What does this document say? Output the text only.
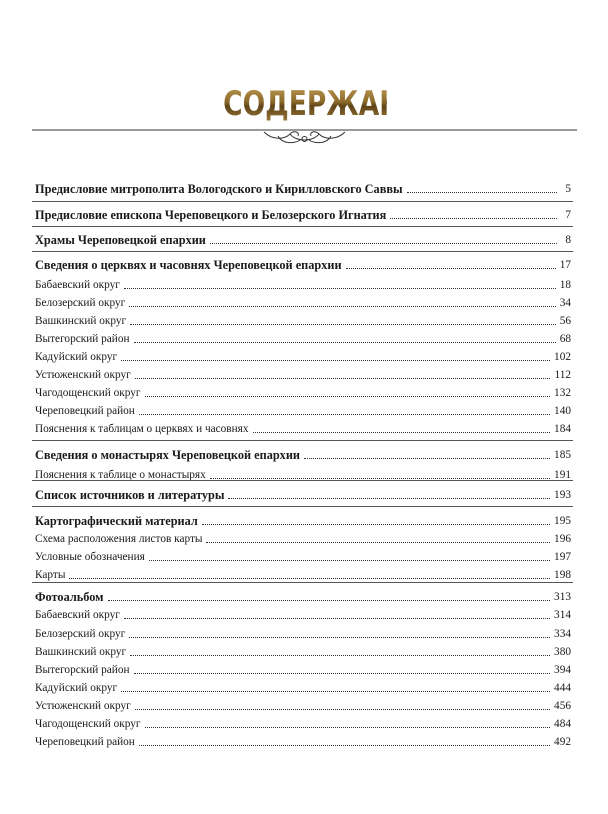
СОДЕРЖАНИЕ
Предисловие митрополита Вологодского и Кирилловского Саввы	5
Предисловие епископа Череповецкого и Белозерского Игнатия	7
Храмы Череповецкой епархии	8
Сведения о церквях и часовнях Череповецкой епархии	17
Бабаевский округ	18
Белозерский округ	34
Вашкинский округ	56
Вытегорский район	68
Кадуйский округ	102
Устюженский округ	112
Чагодощенский округ	132
Череповецкий район	140
Пояснения к таблицам о церквях и часовнях	184
Сведения о монастырях Череповецкой епархии	185
Пояснения к таблице о монастырях	191
Список источников и литературы	193
Картографический материал	195
Схема расположения листов карты	196
Условные обозначения	197
Карты	198
Фотоальбом	313
Бабаевский округ	314
Белозерский округ	334
Вашкинский округ	380
Вытегорский район	394
Кадуйский округ	444
Устюженский округ	456
Чагодощенский округ	484
Череповецкий район	492
